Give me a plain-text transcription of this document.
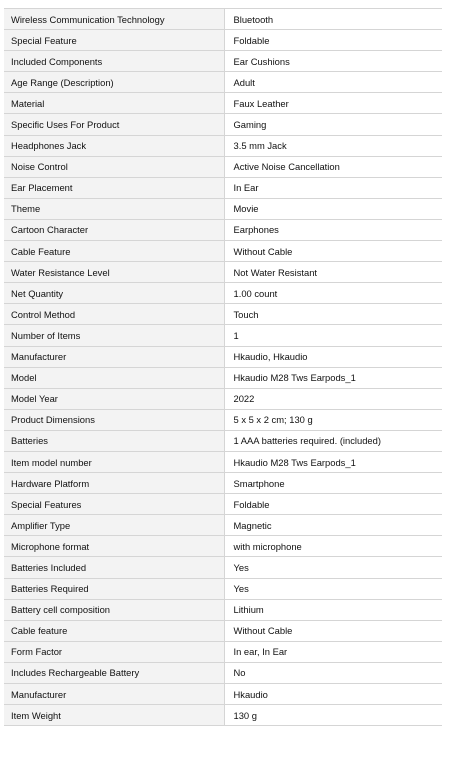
Wireless Communication Technology	Bluetooth
Special Feature	Foldable
Included Components	Ear Cushions
Age Range (Description)	Adult
Material	Faux Leather
Specific Uses For Product	Gaming
Headphones Jack	3.5 mm Jack
Noise Control	Active Noise Cancellation
Ear Placement	In Ear
Theme	Movie
Cartoon Character	Earphones
Cable Feature	Without Cable
Water Resistance Level	Not Water Resistant
Net Quantity	1.00 count
Control Method	Touch
Number of Items	1
Manufacturer	Hkaudio, Hkaudio
Model	Hkaudio M28 Tws Earpods_1
Model Year	2022
Product Dimensions	5 x 5 x 2 cm; 130 g
Batteries	1 AAA batteries required. (included)
Item model number	Hkaudio M28 Tws Earpods_1
Hardware Platform	Smartphone
Special Features	Foldable
Amplifier Type	Magnetic
Microphone format	with microphone
Batteries Included	Yes
Batteries Required	Yes
Battery cell composition	Lithium
Cable feature	Without Cable
Form Factor	In ear, In Ear
Includes Rechargeable Battery	No
Manufacturer	Hkaudio
Item Weight	130 g
